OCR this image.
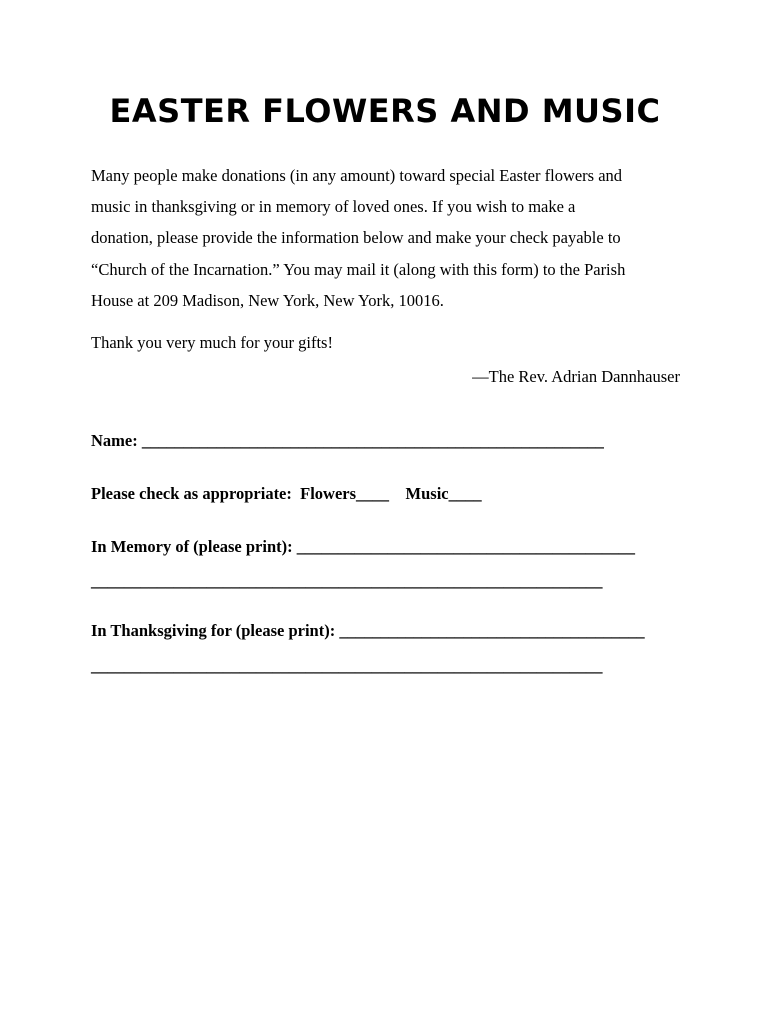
EASTER FLOWERS AND MUSIC

Many people make donations (in any amount) toward special Easter flowers and

music in thanksgiving or in memory of loved ones. If you wish to make a

donation, please provide the information below and make your check payable to

“Church of the Incarnation.” You may mail it (along with this form) to the Parish

House at 209 Madison, New York, New York, 10016.

Thank you very much for your gifts!

—The Rev. Adrian Dannhauser

Name: ________________________________________________________

Please check as appropriate: Flowers____ Music____

In Memory of (please print): _________________________________________

______________________________________________________________

In Thanksgiving for (please print): _____________________________________

______________________________________________________________
